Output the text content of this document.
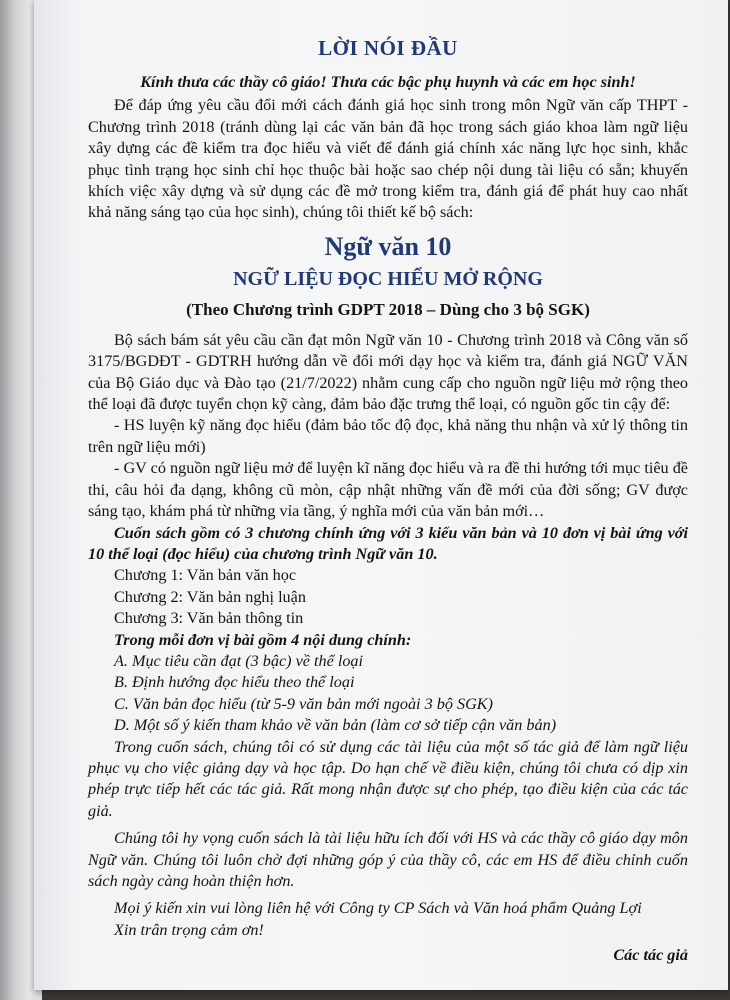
LỜI NÓI ĐẦU
Kính thưa các thầy cô giáo! Thưa các bậc phụ huynh và các em học sinh!

Để đáp ứng yêu cầu đổi mới cách đánh giá học sinh trong môn Ngữ văn cấp THPT - Chương trình 2018 (tránh dùng lại các văn bản đã học trong sách giáo khoa làm ngữ liệu xây dựng các đề kiểm tra đọc hiểu và viết để đánh giá chính xác năng lực học sinh, khắc phục tình trạng học sinh chỉ học thuộc bài hoặc sao chép nội dung tài liệu có sẵn; khuyến khích việc xây dựng và sử dụng các đề mở trong kiểm tra, đánh giá để phát huy cao nhất khả năng sáng tạo của học sinh), chúng tôi thiết kế bộ sách:

Ngữ văn 10
NGỮ LIỆU ĐỌC HIỂU MỞ RỘNG
(Theo Chương trình GDPT 2018 – Dùng cho 3 bộ SGK)

Bộ sách bám sát yêu cầu cần đạt môn Ngữ văn 10 - Chương trình 2018 và Công văn số 3175/BGDĐT - GDTRH hướng dẫn về đổi mới dạy học và kiểm tra, đánh giá NGỮ VĂN của Bộ Giáo dục và Đào tạo (21/7/2022) nhằm cung cấp cho nguồn ngữ liệu mở rộng theo thể loại đã được tuyển chọn kỹ càng, đảm bảo đặc trưng thể loại, có nguồn gốc tin cậy để:

- HS luyện kỹ năng đọc hiểu (đảm bảo tốc độ đọc, khả năng thu nhận và xử lý thông tin trên ngữ liệu mới)

- GV có nguồn ngữ liệu mở để luyện kĩ năng đọc hiểu và ra đề thi hướng tới mục tiêu đề thi, câu hỏi đa dạng, không cũ mòn, cập nhật những vấn đề mới của đời sống; GV được sáng tạo, khám phá từ những vỉa tầng, ý nghĩa mới của văn bản mới…

Cuốn sách gồm có 3 chương chính ứng với 3 kiểu văn bản và 10 đơn vị bài ứng với 10 thể loại (đọc hiểu) của chương trình Ngữ văn 10.

Chương 1: Văn bản văn học
Chương 2: Văn bản nghị luận
Chương 3: Văn bản thông tin
Trong mỗi đơn vị bài gồm 4 nội dung chính:
A. Mục tiêu cần đạt (3 bậc) về thể loại
B. Định hướng đọc hiểu theo thể loại
C. Văn bản đọc hiểu (từ 5-9 văn bản mới ngoài 3 bộ SGK)
D. Một số ý kiến tham khảo về văn bản (làm cơ sở tiếp cận văn bản)

Trong cuốn sách, chúng tôi có sử dụng các tài liệu của một số tác giả để làm ngữ liệu phục vụ cho việc giảng dạy và học tập. Do hạn chế về điều kiện, chúng tôi chưa có dịp xin phép trực tiếp hết các tác giả. Rất mong nhận được sự cho phép, tạo điều kiện của các tác giả.

Chúng tôi hy vọng cuốn sách là tài liệu hữu ích đối với HS và các thầy cô giáo dạy môn Ngữ văn. Chúng tôi luôn chờ đợi những góp ý của thầy cô, các em HS để điều chỉnh cuốn sách ngày càng hoàn thiện hơn.

Mọi ý kiến xin vui lòng liên hệ với Công ty CP Sách và Văn hoá phẩm Quảng Lợi

Xin trân trọng cảm ơn!

Các tác giả
